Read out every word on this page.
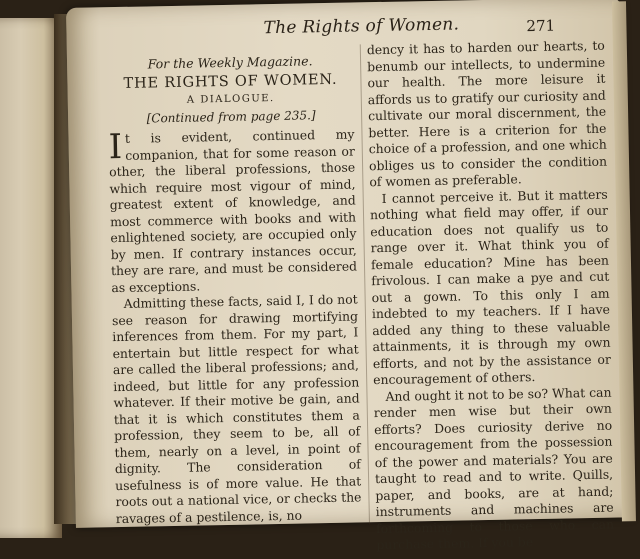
The Rights of Women.	271
For the Weekly Magazine.
THE RIGHTS OF WOMEN.
A DIALOGUE.
[Continued from page 235.]

It is evident, continued my companion, that for some reason or other, the liberal professions, those which require most vigour of mind, greatest extent of knowledge, and most commerce with books and with enlightened society, are occupied only by men. If contrary instances occur, they are rare, and must be considered as exceptions.

Admitting these facts, said I, I do not see reason for drawing mortifying inferences from them. For my part, I entertain but little respect for what are called the liberal professions; and, indeed, but little for any profession whatever. If their motive be gain, and that it is which constitutes them a profession, they seem to be, all of them, nearly on a level, in point of dignity. The consideration of usefulness is of more value. He that roots out a national vice, or checks the ravages of a pestilence, is, no

dency it has to harden our hearts, to benumb our intellects, to undermine our health. The more leisure it affords us to gratify our curiosity and cultivate our moral discernment, the better. Here is a criterion for the choice of a profession, and one which obliges us to consider the condition of women as preferable.

I cannot perceive it. But it matters nothing what field may offer, if our education does not qualify us to range over it. What think you of female education? Mine has been frivolous. I can make a pye and cut out a gown. To this only I am indebted to my teachers. If I have added any thing to these valuable attainments, it is through my own efforts, and not by the assistance or encouragement of others.

And ought it not to be so? What can render men wise but their own efforts? Does curiosity derive no encouragement from the possession of the power and materials? You are taught to read and to write. Quills, paper, and books, are at hand; instruments and machines are forthcoming to those who can purchase them. If you be
